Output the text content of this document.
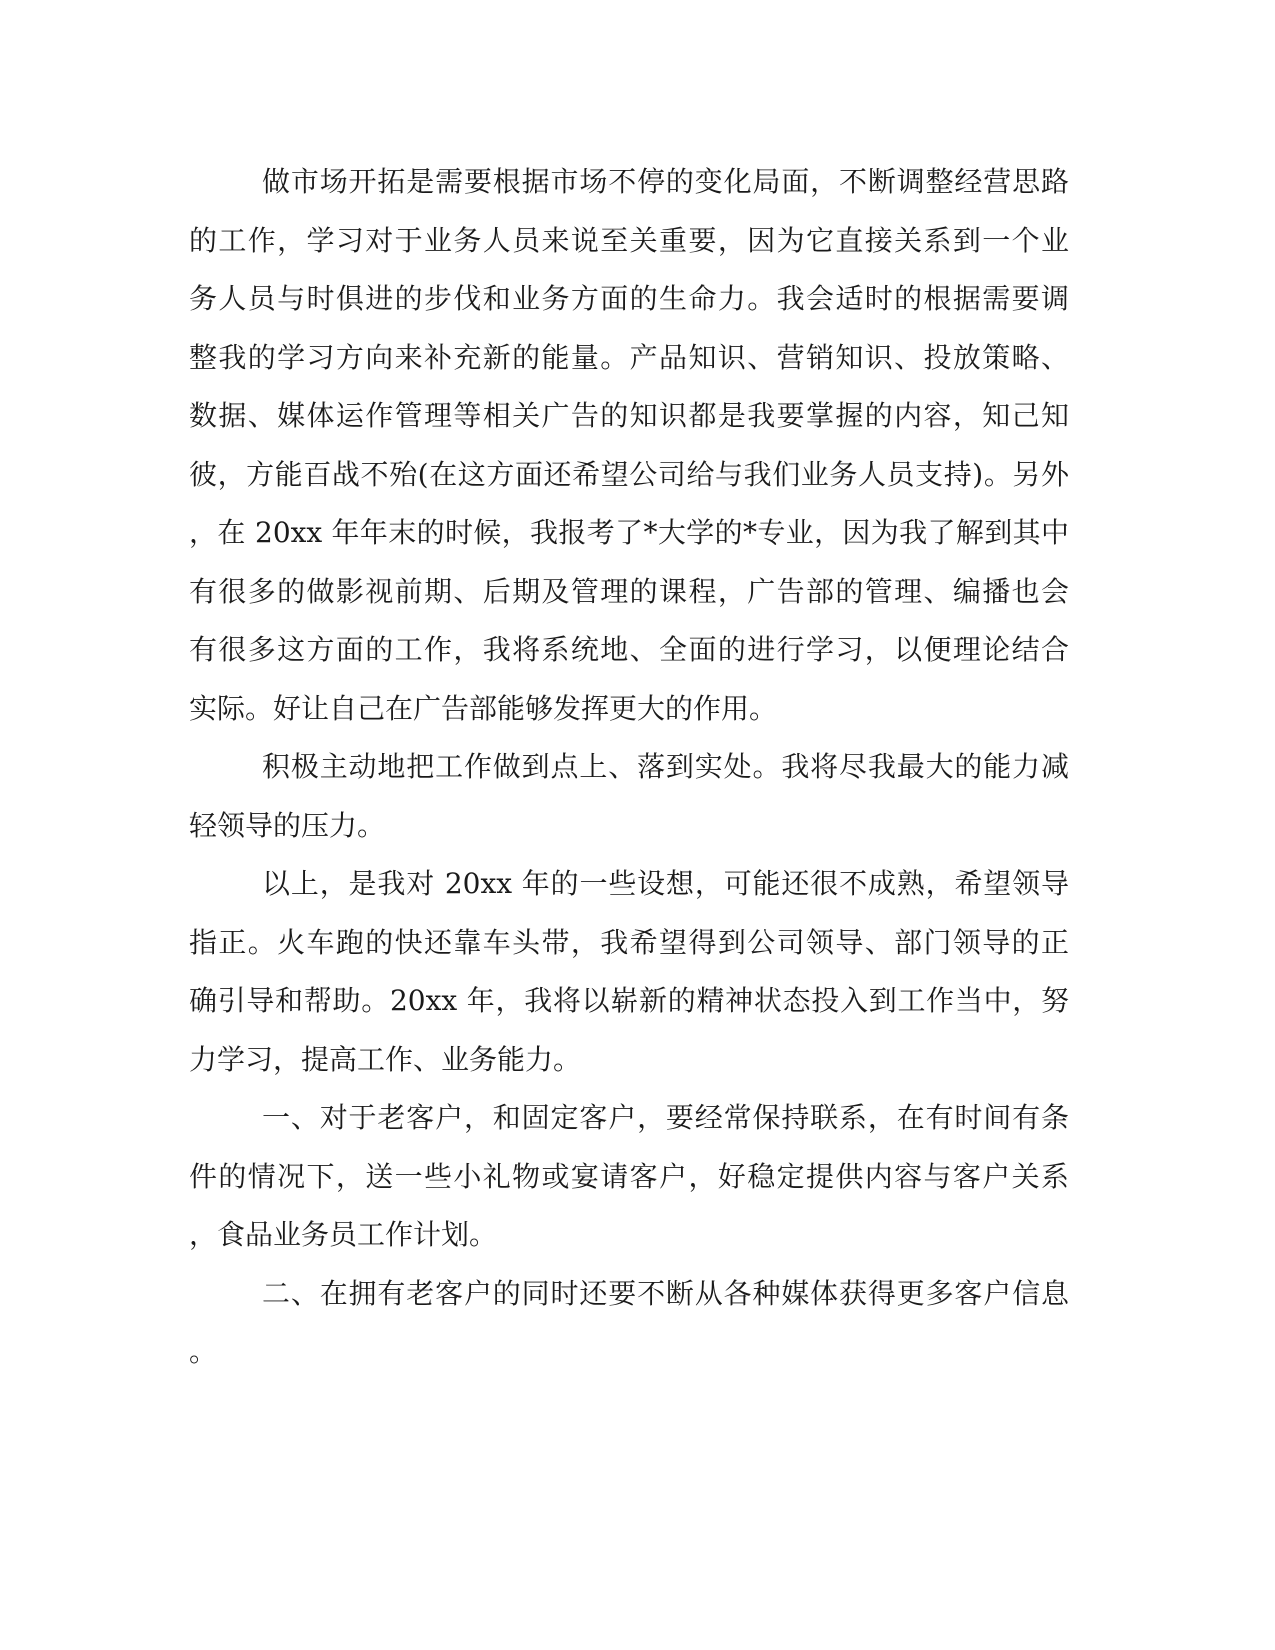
做市场开拓是需要根据市场不停的变化局面，不断调整经营思路
的工作，学习对于业务人员来说至关重要，因为它直接关系到一个业
务人员与时俱进的步伐和业务方面的生命力。我会适时的根据需要调
整我的学习方向来补充新的能量。产品知识、营销知识、投放策略、
数据、媒体运作管理等相关广告的知识都是我要掌握的内容，知己知
彼，方能百战不殆(在这方面还希望公司给与我们业务人员支持)。另外
，在 20xx 年年末的时候，我报考了*大学的*专业，因为我了解到其中
有很多的做影视前期、后期及管理的课程，广告部的管理、编播也会
有很多这方面的工作，我将系统地、全面的进行学习，以便理论结合
实际。好让自己在广告部能够发挥更大的作用。
积极主动地把工作做到点上、落到实处。我将尽我最大的能力减
轻领导的压力。
以上，是我对 20xx 年的一些设想，可能还很不成熟，希望领导
指正。火车跑的快还靠车头带，我希望得到公司领导、部门领导的正
确引导和帮助。20xx 年，我将以崭新的精神状态投入到工作当中，努
力学习，提高工作、业务能力。
一、对于老客户，和固定客户，要经常保持联系，在有时间有条
件的情况下，送一些小礼物或宴请客户，好稳定提供内容与客户关系
，食品业务员工作计划。
二、在拥有老客户的同时还要不断从各种媒体获得更多客户信息
。
